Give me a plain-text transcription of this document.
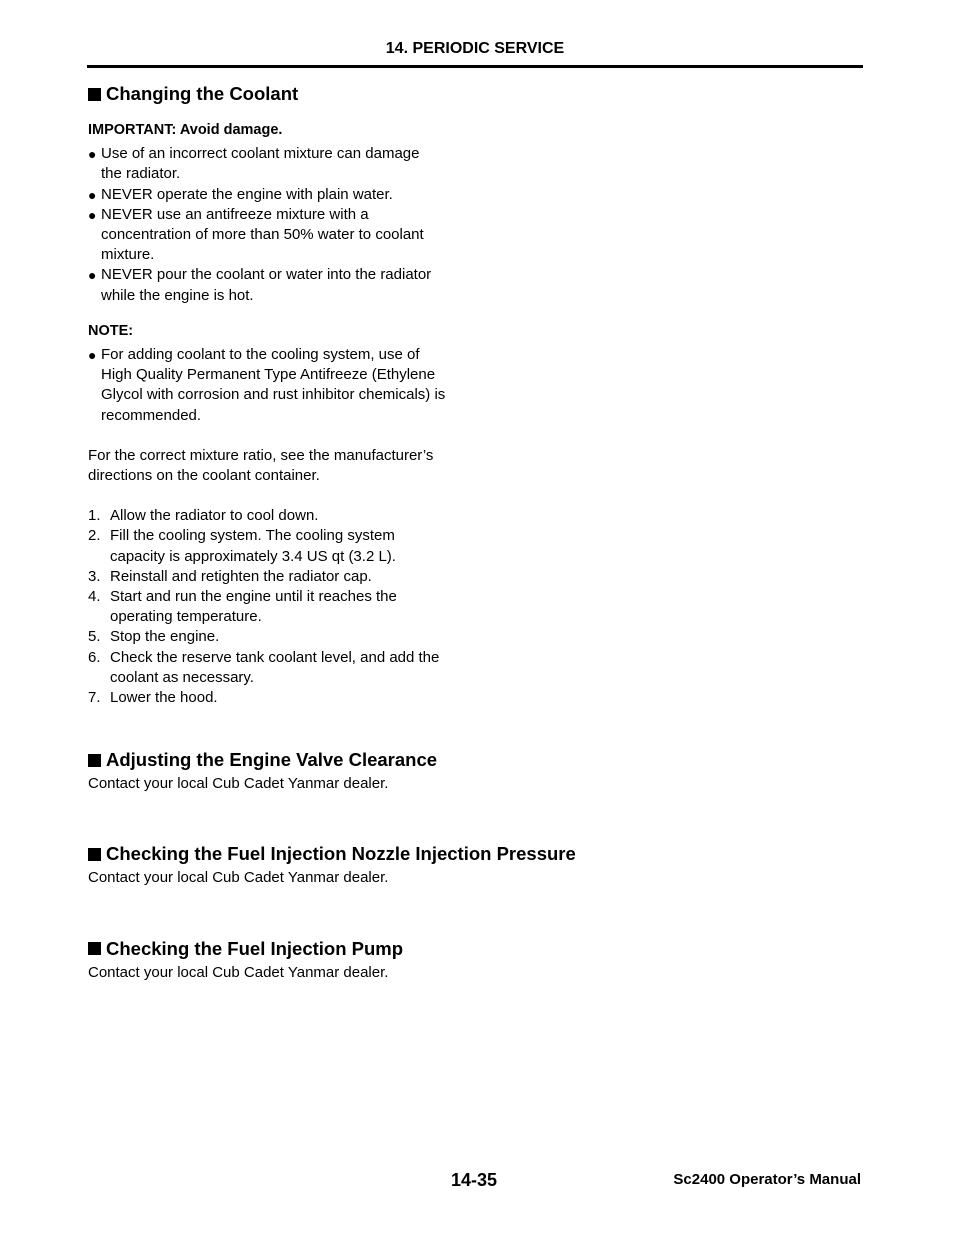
14. PERIODIC SERVICE
Changing the Coolant
IMPORTANT: Avoid damage.
● Use of an incorrect coolant mixture can damage the radiator.
● NEVER operate the engine with plain water.
● NEVER use an antifreeze mixture with a concentration of more than 50% water to coolant mixture.
● NEVER pour the coolant or water into the radiator while the engine is hot.
NOTE:
● For adding coolant to the cooling system, use of High Quality Permanent Type Antifreeze (Ethylene Glycol with corrosion and rust inhibitor chemicals) is recommended.
For the correct mixture ratio, see the manufacturer’s directions on the coolant container.
1. Allow the radiator to cool down.
2. Fill the cooling system. The cooling system capacity is approximately 3.4 US qt (3.2 L).
3. Reinstall and retighten the radiator cap.
4. Start and run the engine until it reaches the operating temperature.
5. Stop the engine.
6. Check the reserve tank coolant level, and add the coolant as necessary.
7. Lower the hood.
Adjusting the Engine Valve Clearance
Contact your local Cub Cadet Yanmar dealer.
Checking the Fuel Injection Nozzle Injection Pressure
Contact your local Cub Cadet Yanmar dealer.
Checking the Fuel Injection Pump
Contact your local Cub Cadet Yanmar dealer.
14-35	Sc2400 Operator’s Manual
